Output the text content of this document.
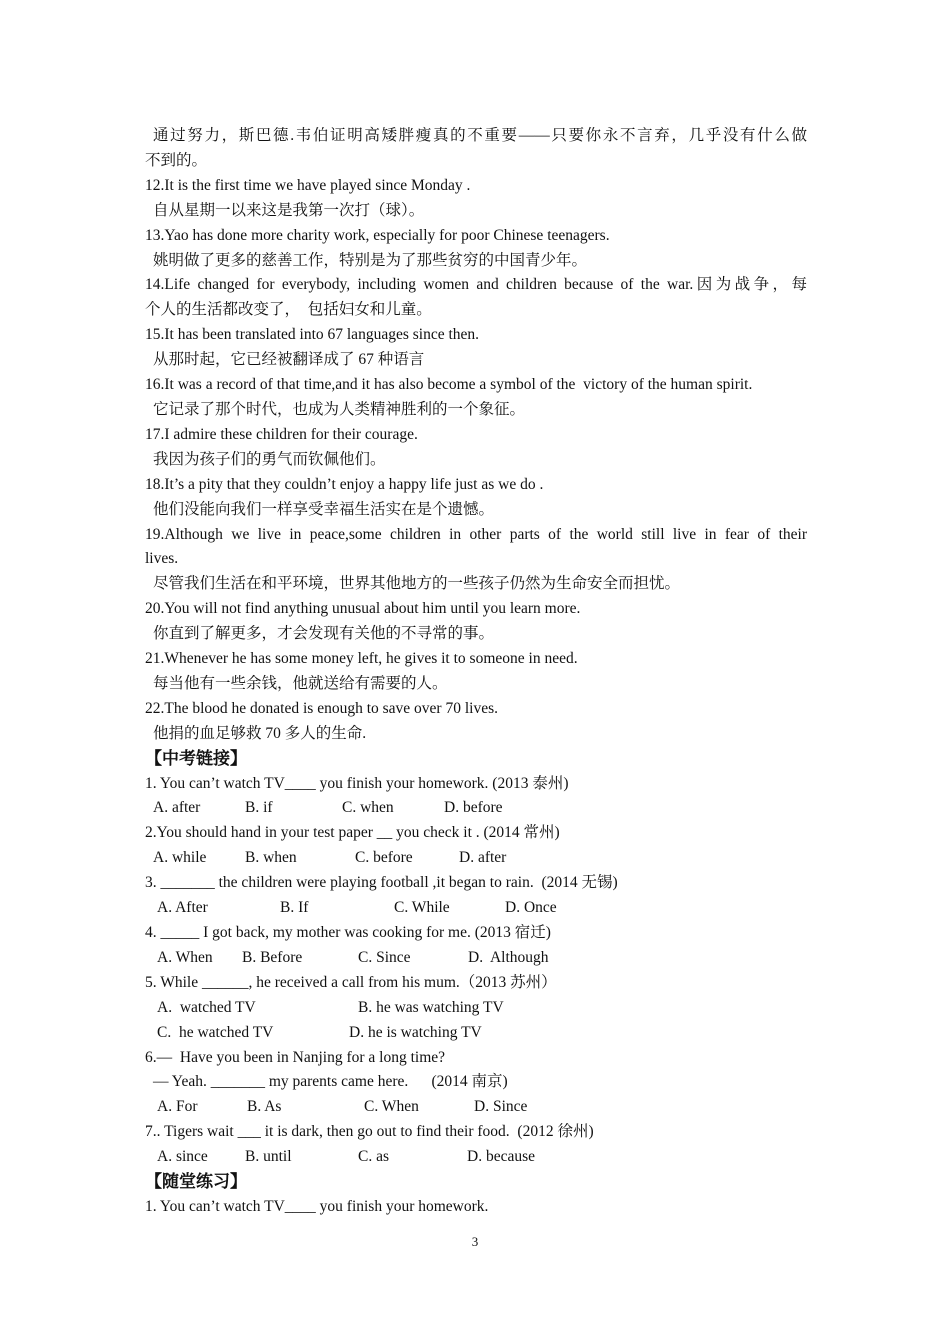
通过努力，斯巴德.韦伯证明高矮胖瘦真的不重要——只要你永不言弃，几乎没有什么做

不到的。

12.It is the first time we have played since Monday .

自从星期一以来这是我第一次打（球）。

13.Yao has done more charity work, especially for poor Chinese teenagers.

姚明做了更多的慈善工作，特别是为了那些贫穷的中国青少年。

14.Life changed for everybody, including women and children because of the war.因为战争，每

个人的生活都改变了，  包括妇女和儿童。

15.It has been translated into 67 languages since then.

从那时起，它已经被翻译成了 67 种语言

16.It was a record of that time,and it has also become a symbol of the  victory of the human spirit.

它记录了那个时代，也成为人类精神胜利的一个象征。

17.I admire these children for their courage.

我因为孩子们的勇气而钦佩他们。

18.It’s a pity that they couldn’t enjoy a happy life just as we do .

他们没能向我们一样享受幸福生活实在是个遗憾。

19.Although we live in peace,some children in other parts of the world still live in fear of their

lives.

尽管我们生活在和平环境，世界其他地方的一些孩子仍然为生命安全而担忧。

20.You will not find anything unusual about him until you learn more.

你直到了解更多，才会发现有关他的不寻常的事。

21.Whenever he has some money left, he gives it to someone in need.

每当他有一些余钱，他就送给有需要的人。

22.The blood he donated is enough to save over 70 lives.

他捐的血足够救 70 多人的生命.

【中考链接】

1. You can’t watch TV____ you finish your homework. (2013 泰州)

A. after	B. if	C. when	D. before

2.You should hand in your test paper __ you check it . (2014 常州)

A. while	B. when	C. before	D. after

3. _______ the children were playing football ,it began to rain.  (2014 无锡)

A. After	B. If	C. While	D. Once

4. _____ I got back, my mother was cooking for me. (2013 宿迁)

A. When	B. Before	C. Since	D.  Although

5. While ______, he received a call from his mum.（2013 苏州）

A.  watched TV	B. he was watching TV
C.  he watched TV	D. he is watching TV

6.—  Have you been in Nanjing for a long time?

— Yeah. _______ my parents came here.      (2014 南京)

A. For	B. As	C. When	D. Since

7.. Tigers wait ___ it is dark, then go out to find their food.  (2012 徐州)

A. since	B. until	C. as	D. because

【随堂练习】

1. You can’t watch TV____ you finish your homework.

3
